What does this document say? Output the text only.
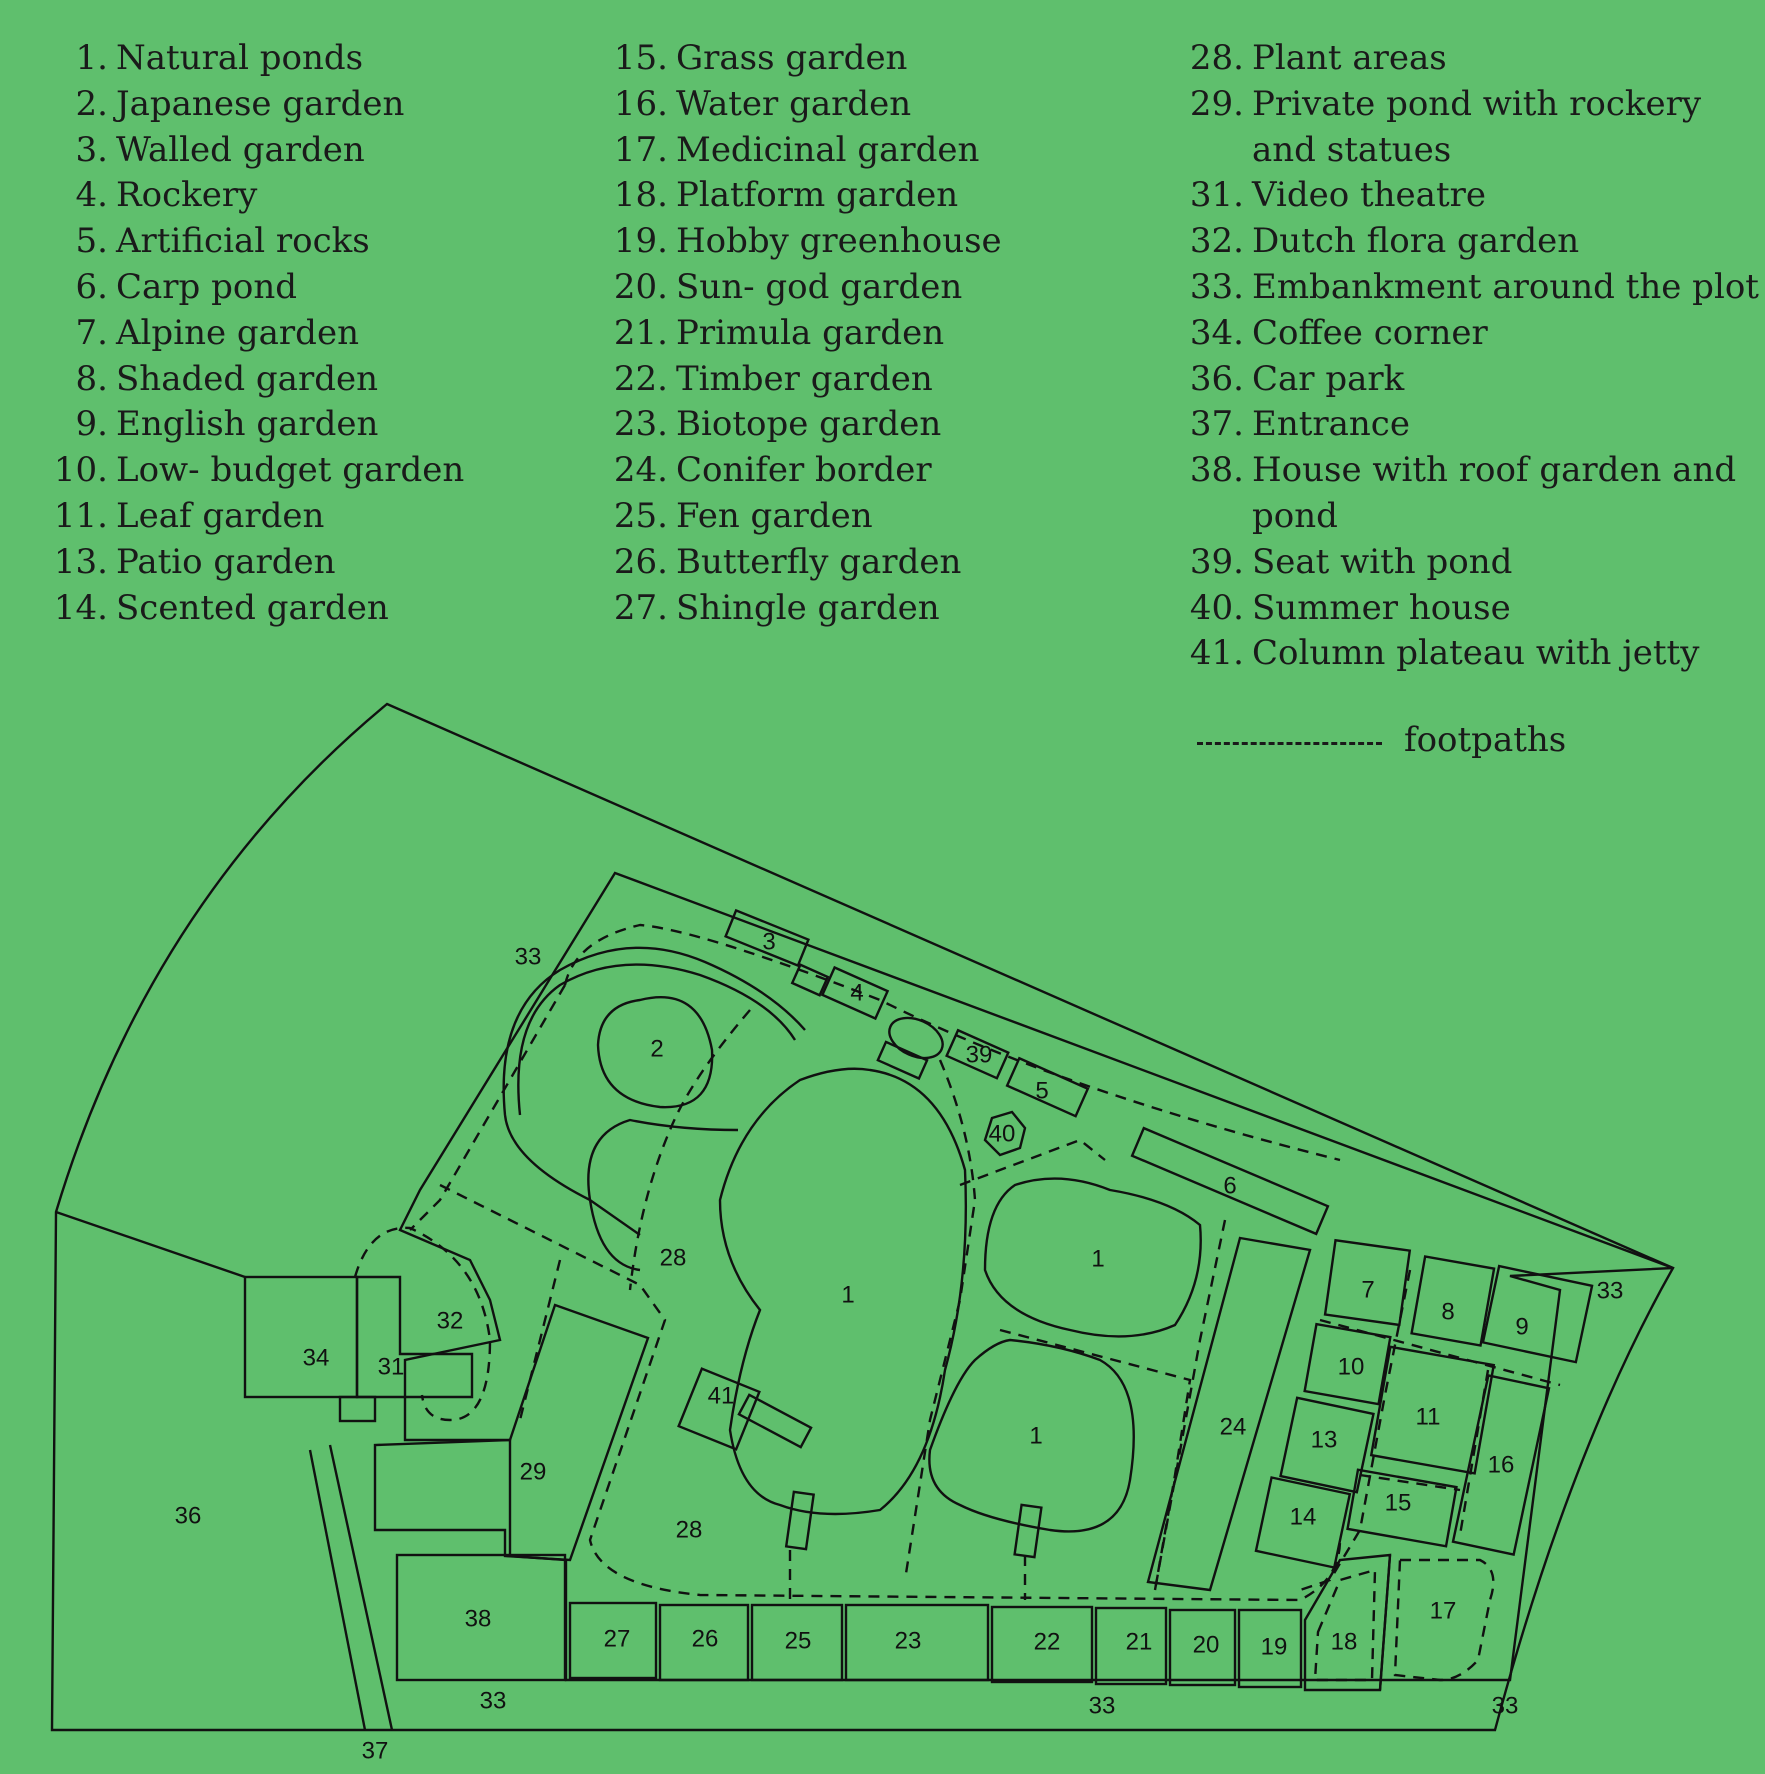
1. Natural ponds
2. Japanese garden
3. Walled garden
4. Rockery
5. Artificial rocks
6. Carp pond
7. Alpine garden
8. Shaded garden
9. English garden
10. Low- budget garden
11. Leaf garden
13. Patio garden
14. Scented garden
15. Grass garden
16. Water garden
17. Medicinal garden
18. Platform garden
19. Hobby greenhouse
20. Sun- god garden
21. Primula garden
22. Timber garden
23. Biotope garden
24. Conifer border
25. Fen garden
26. Butterfly garden
27. Shingle garden
28. Plant areas
29. Private pond with rockery
and statues
31. Video theatre
32. Dutch flora garden
33. Embankment around the plot
34. Coffee corner
36. Car park
37. Entrance
38. House with roof garden and
pond
39. Seat with pond
40. Summer house
41. Column plateau with jetty
footpaths
33
33
33	33	33
3
4
39
5
40
6
2
28
28
1
1
1
32
34 31
41
29
36
38
37
24
7
8
9
10
11
13
14
15
16
17
18
19
20
21
22
23
25
26
27
